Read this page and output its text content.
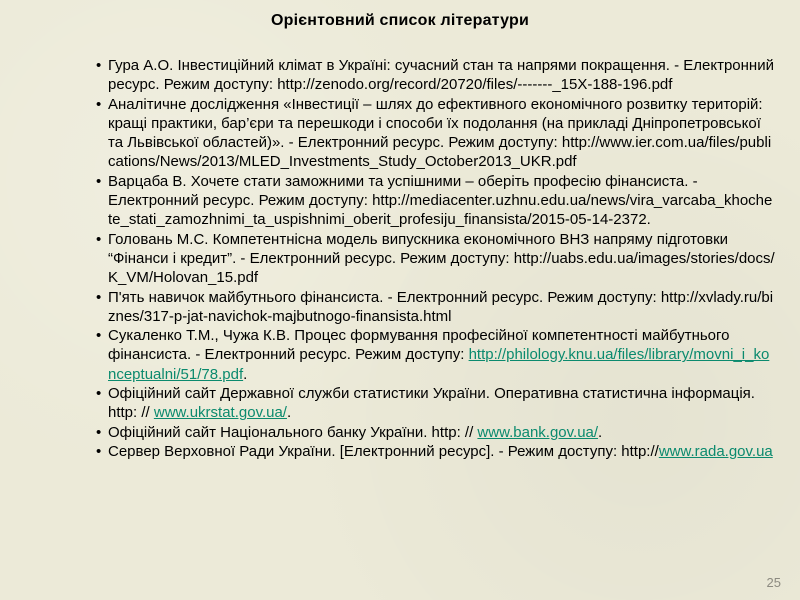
Орієнтовний список літератури
• Гура А.О. Інвестиційний клімат в Україні: сучасний стан та напрями покращення. - Електронний ресурс. Режим доступу: http://zenodo.org/record/20720/files/-------_15X-188-196.pdf
• Аналітичне дослідження «Інвестиції – шлях до ефективного економічного розвитку територій: кращі практики, бар’єри та перешкоди і способи їх подолання (на прикладі Дніпропетровської та Львівської областей)». - Електронний ресурс. Режим доступу: http://www.ier.com.ua/files/publications/News/2013/MLED_Investments_Study_October2013_UKR.pdf
• Варцаба В. Хочете стати заможними та успішними – оберіть професію фінансиста. - Електронний ресурс. Режим доступу: http://mediacenter.uzhnu.edu.ua/news/vira_varcaba_khochete_stati_zamozhnimi_ta_uspishnimi_oberit_profesiju_finansista/2015-05-14-2372.
• Головань М.С. Компетентнісна модель випускника економічного ВНЗ напряму підготовки “Фінанси і кредит”. - Електронний ресурс. Режим доступу: http://uabs.edu.ua/images/stories/docs/K_VM/Holovan_15.pdf
• П'ять навичок майбутнього фінансиста. - Електронний ресурс. Режим доступу: http://xvlady.ru/biznes/317-p-jat-navichok-majbutnogo-finansista.html
• Сукаленко Т.М., Чужа К.В. Процес формування професійної компетентності майбутнього фінансиста. - Електронний ресурс. Режим доступу: http://philology.knu.ua/files/library/movni_i_konceptualni/51/78.pdf.
• Офіційний сайт Державної служби статистики України. Оперативна статистична інформація. http: // www.ukrstat.gov.ua/.
• Офіційний сайт Національного банку України. http: // www.bank.gov.ua/.
• Сервер Верховної Ради України. [Електронний ресурс]. - Режим доступу: http://www.rada.gov.ua
25
